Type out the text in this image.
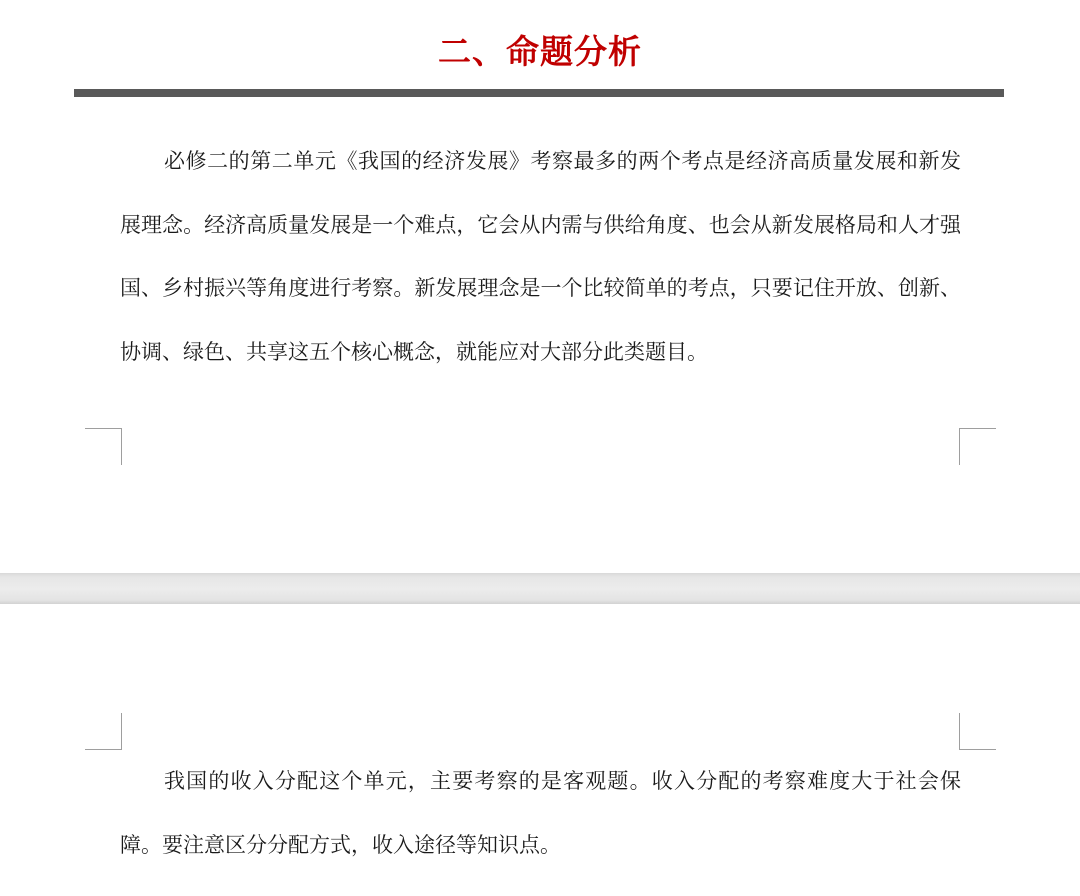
二、命题分析

必修二的第二单元《我国的经济发展》考察最多的两个考点是经济高质量发展和新发展理念。经济高质量发展是一个难点，它会从内需与供给角度、也会从新发展格局和人才强国、乡村振兴等角度进行考察。新发展理念是一个比较简单的考点，只要记住开放、创新、协调、绿色、共享这五个核心概念，就能应对大部分此类题目。

我国的收入分配这个单元，主要考察的是客观题。收入分配的考察难度大于社会保障。要注意区分分配方式，收入途径等知识点。
